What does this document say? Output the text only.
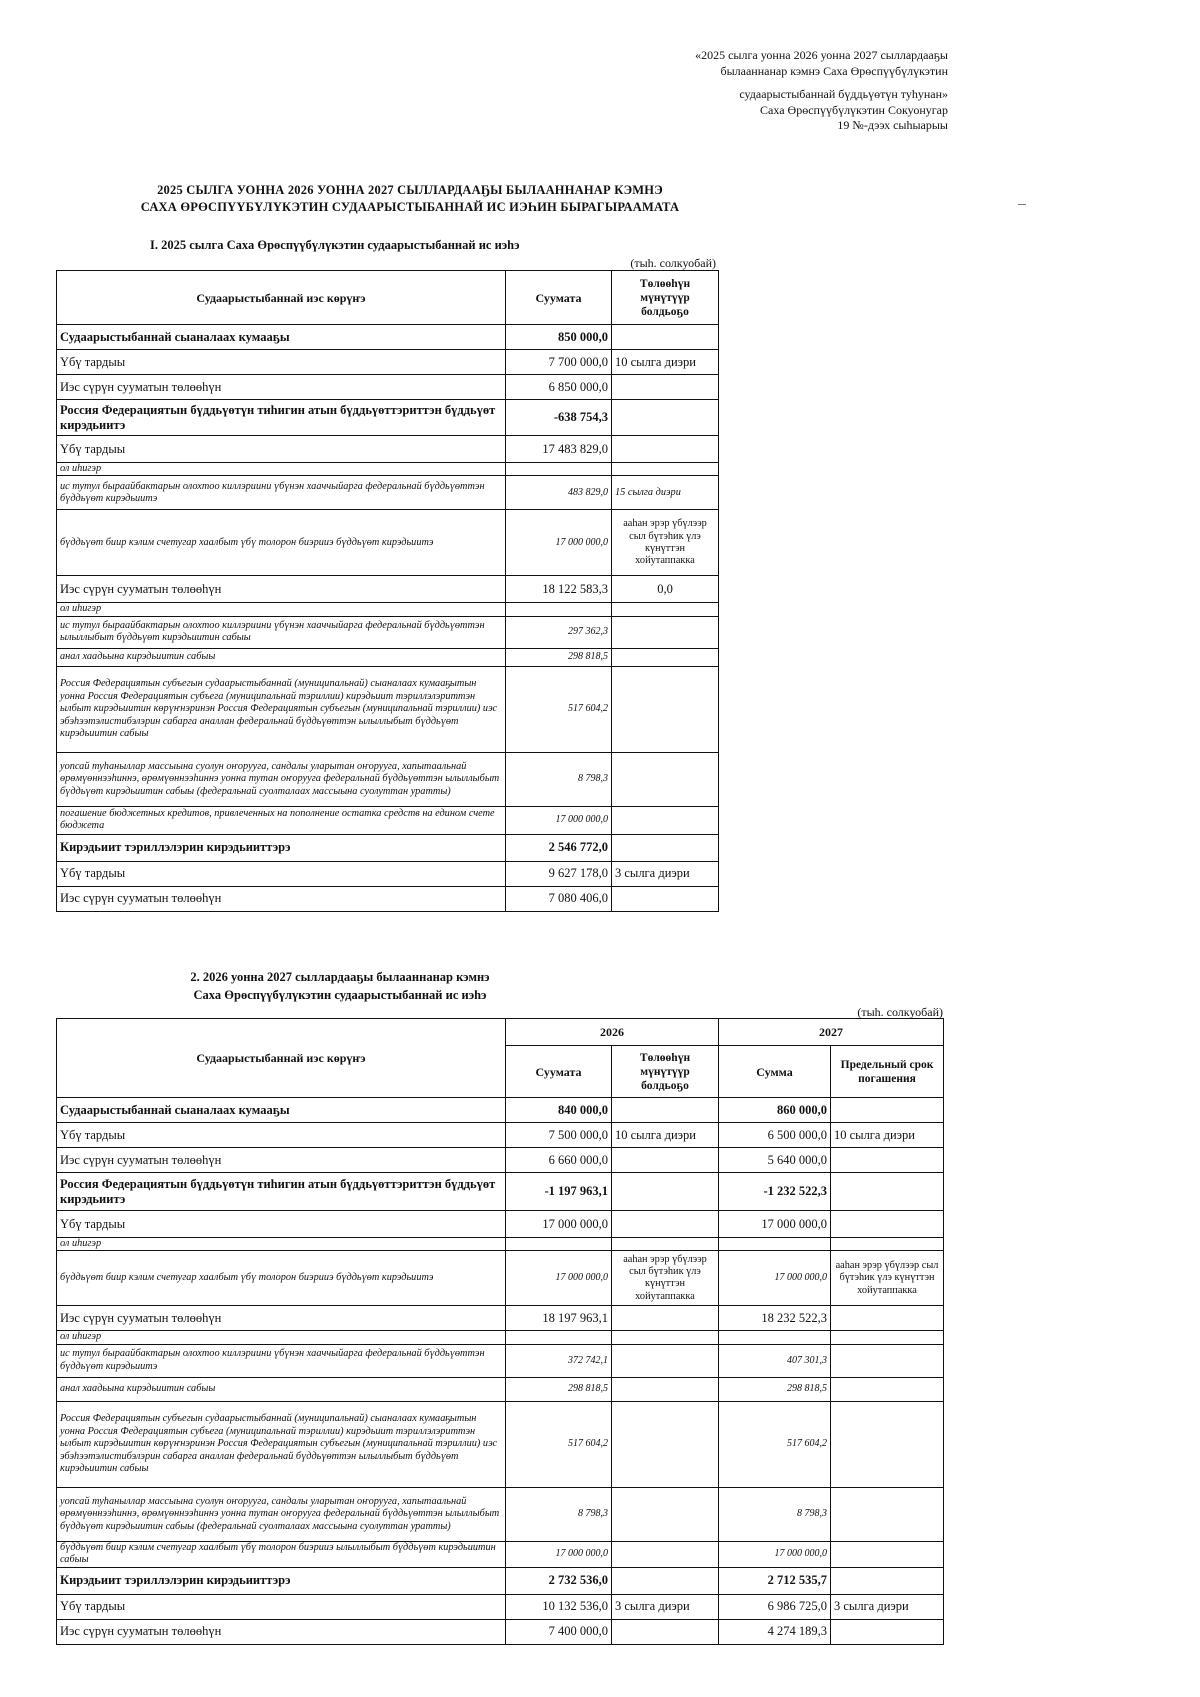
«2025 сылга уонна 2026 уонна 2027 сыллардааҕы
былааннанар кэмнэ Саха Өрөспүүбүлүкэтин
судаарыстыбаннай бүддьүөтүн туһунан»
Саха Өрөспүүбүлүкэтин Сокуонугар
19 №-дээх сыһыарыы
2025 СЫЛГА УОННА 2026 УОННА 2027 СЫЛЛАРДААҔЫ БЫЛААННАНАР КЭМНЭ
САХА ӨРӨСПҮҮБҮЛҮКЭТИН СУДААРЫСТЫБАННАЙ ИС ИЭҺИН БЫРАГЫРААМАТА
I. 2025 сылга Саха Өрөспүүбүлүкэтин судаарыстыбаннай ис иэһэ
(тыһ. солкуобай)
Судаарыстыбаннай иэс көрүҥэ	Суумата	Төлөөһүн мүнүтүүр болдьоҕо
Судаарыстыбаннай сыаналаах кумааҕы	850 000,0	
Үбү тардыы	7 700 000,0	10 сылга диэри
Иэс сүрүн сууматын төлөөһүн	6 850 000,0	
Россия Федерациятын бүддьүөтүн тиһигин атын бүддьүөттэриттэн бүддьүөт кирэдьиитэ	-638 754,3	
Үбү тардыы	17 483 829,0	
ол иһигэр		
ис тутул быраайбактарын олохтоо киллэриини үбүнэн хааччыйарга федеральнай бүддьүөттэн бүддьүөт кирэдьиитэ	483 829,0	15 сылга диэри
бүддьүөт биир кэлим счетугар хаалбыт үбү толорон биэрииэ бүддьүөт кирэдьиитэ	17 000 000,0	ааһан эрэр үбүлээр сыл бүтэһик үлэ күнүттэн хойутаппакка
Иэс сүрүн сууматын төлөөһүн	18 122 583,3	0,0
ол иһигэр		
ис тутул быраайбактарын олохтоо киллэриини үбүнэн хааччыйарга федеральнай бүддьүөттэн ылыллыбыт бүддьүөт кирэдьиитин сабыы	297 362,3	
анал хаадьына кирэдьиитин сабыы	298 818,5	
Россия Федерациятын субъегын судаарыстыбаннай (муниципальнай) сыаналаах кумааҕытын уонна Россия Федерациятын субъега (муниципальнай тэриллии) кирэдьиит тэриллэлэриттэн ылбыт кирэдьиитин көрүҥнэринэн Россия Федерациятын субъегын (муниципальнай тэриллии) иэс эбэһээтэлистибэлэрин сабарга аналлан федеральнай бүддьүөттэн ылыллыбыт бүддьүөт кирэдьиитин сабыы	517 604,2	
уопсай туһаныллар массыына суолун оҥорууга, сандалы уларытан оҥорууга, хапытаальнай өрөмүөннээһиннэ, өрөмүөннээһиннэ уонна тутан оҥорууга федеральнай бүддьүөттэн ылыллыбыт бүддьүөт кирэдьиитин сабыы (федеральнай суолталаах массыына суолуттан уратты)	8 798,3	
погашение бюджетных кредитов, привлеченных на пополнение остатка средств на едином счете бюджета	17 000 000,0	
Кирэдьиит тэриллэлэрин кирэдьииттэрэ	2 546 772,0	
Үбү тардыы	9 627 178,0	3 сылга диэри
Иэс сүрүн сууматын төлөөһүн	7 080 406,0	
2. 2026 уонна 2027 сыллардааҕы былааннанар кэмнэ
Саха Өрөспүүбүлүкэтин судаарыстыбаннай ис иэһэ
(тыһ. солкуобай)
Судаарыстыбаннай иэс көрүҥэ	2026		2027	
	Суумата	Төлөөһүн мүнүтүүр болдьоҕо	Сумма	Предельный срок погашения
Судаарыстыбаннай сыаналаах кумааҕы	840 000,0		860 000,0	
Үбү тардыы	7 500 000,0	10 сылга диэри	6 500 000,0	10 сылга диэри
Иэс сүрүн сууматын төлөөһүн	6 660 000,0		5 640 000,0	
Россия Федерациятын бүддьүөтүн тиһигин атын бүддьүөттэриттэн бүддьүөт кирэдьиитэ	-1 197 963,1		-1 232 522,3	
Үбү тардыы	17 000 000,0		17 000 000,0	
ол иһигэр				
бүддьүөт биир кэлим счетугар хаалбыт үбү толорон биэрииэ бүддьүөт кирэдьиитэ	17 000 000,0	ааһан эрэр үбүлээр сыл бүтэһик үлэ күнүттэн хойутаппакка	17 000 000,0	ааһан эрэр үбүлээр сыл бүтэһик үлэ күнүттэн хойутаппакка
Иэс сүрүн сууматын төлөөһүн	18 197 963,1		18 232 522,3	
ол иһигэр				
ис тутул быраайбактарын олохтоо киллэриини үбүнэн хааччыйарга федеральнай бүддьүөттэн бүддьүөт кирэдьиитэ	372 742,1		407 301,3	
анал хаадьына кирэдьиитин сабыы	298 818,5		298 818,5	
Россия Федерациятын субъегын судаарыстыбаннай (муниципальнай) сыаналаах кумааҕытын уонна Россия Федерациятын субъега (муниципальнай тэриллии) кирэдьиит тэриллэлэриттэн ылбыт кирэдьиитин көрүҥнэринэн Россия Федерациятын субъегын (муниципальнай тэриллии) иэс эбэһээтэлистибэлэрин сабарга аналлан федеральнай бүддьүөттэн ылыллыбыт бүддьүөт кирэдьиитин сабыы	517 604,2		517 604,2	
уопсай туһаныллар массыына суолун оҥорууга, сандалы уларытан оҥорууга, хапытаальнай өрөмүөннээһиннэ, өрөмүөннээһиннэ уонна тутан оҥорууга федеральнай бүддьүөттэн ылыллыбыт бүддьүөт кирэдьиитин сабыы (федеральнай суолталаах массыына суолуттан уратты)	8 798,3		8 798,3	
бүддьүөт биир кэлим счетугар хаалбыт үбү толорон биэрииэ ылыллыбыт бүддьүөт кирэдьиитин сабыы	17 000 000,0		17 000 000,0	
Кирэдьиит тэриллэлэрин кирэдьииттэрэ	2 732 536,0		2 712 535,7	
Үбү тардыы	10 132 536,0	3 сылга диэри	6 986 725,0	3 сылга диэри
Иэс сүрүн сууматын төлөөһүн	7 400 000,0		4 274 189,3	
